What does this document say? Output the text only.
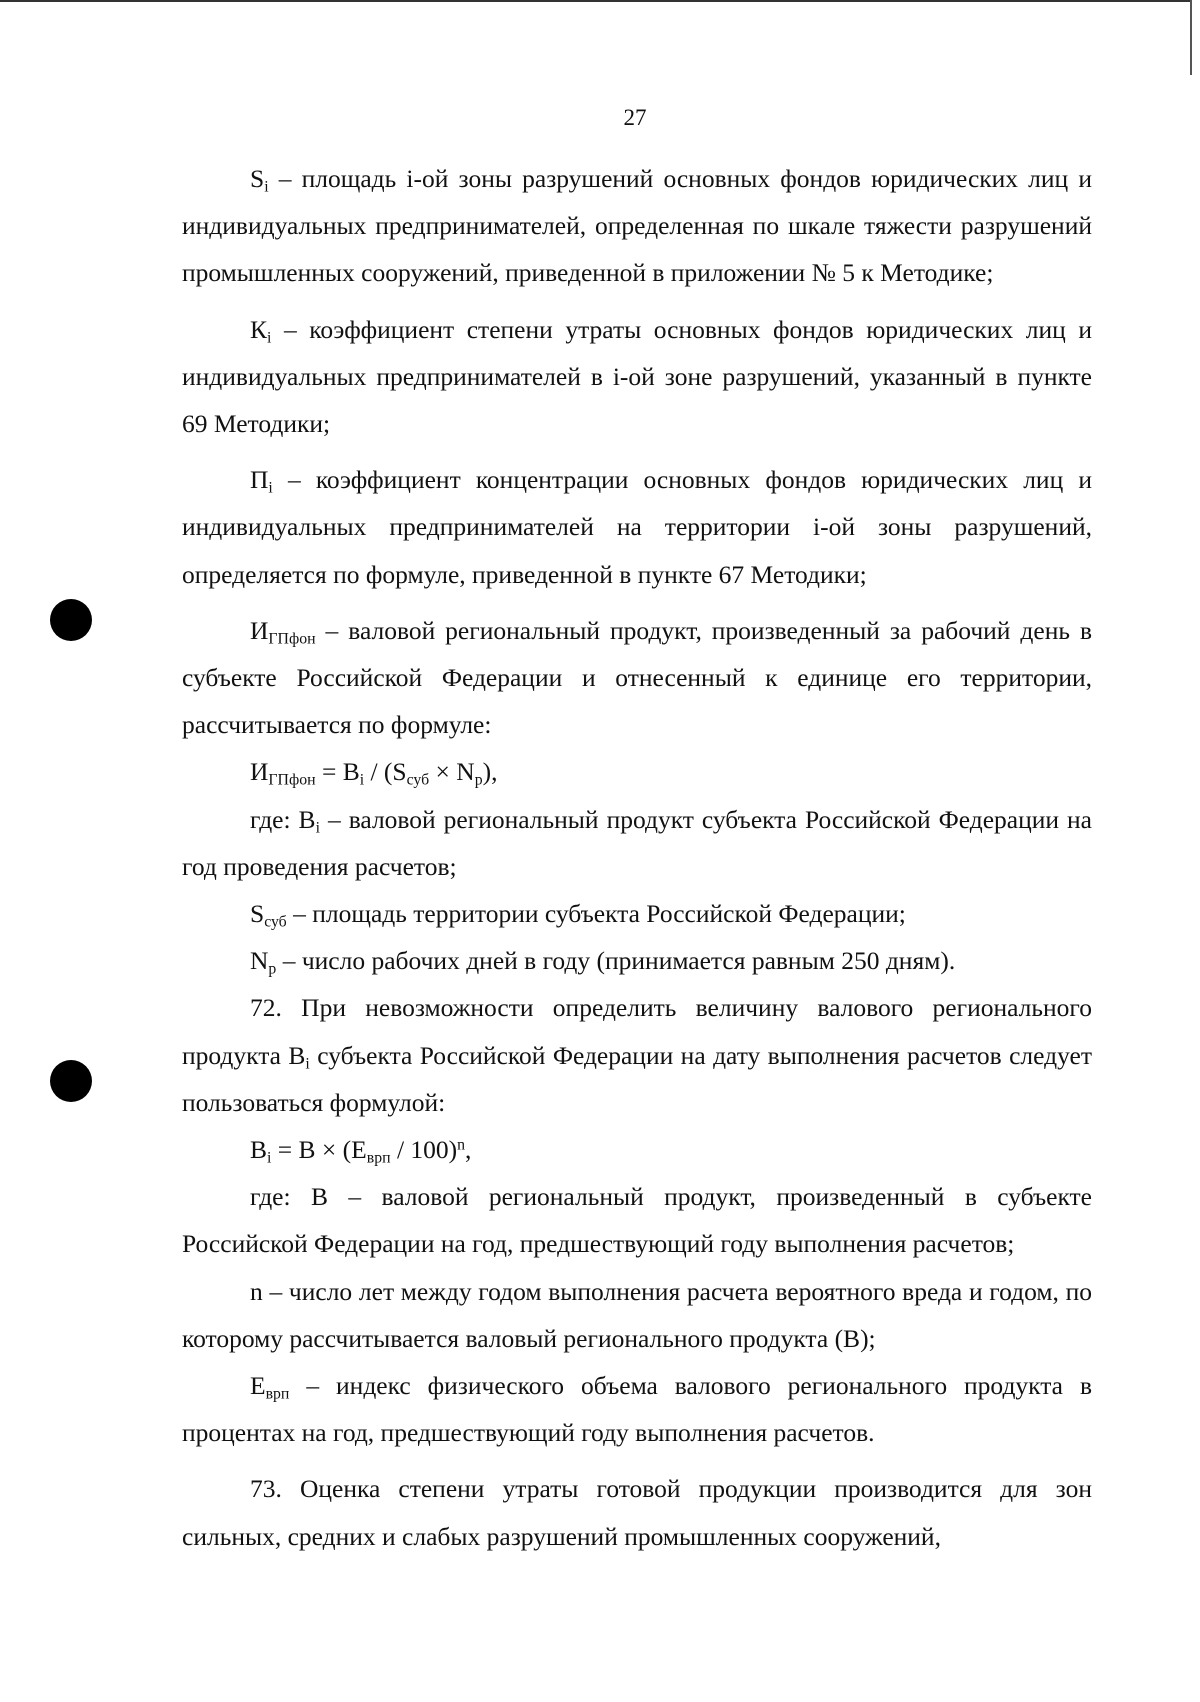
27

$S_i$ – площадь i-ой зоны разрушений основных фондов юридических лиц и индивидуальных предпринимателей, определенная по шкале тяжести разрушений промышленных сооружений, приведенной в приложении № 5 к Методике;

$К_i$ – коэффициент степени утраты основных фондов юридических лиц и индивидуальных предпринимателей в i-ой зоне разрушений, указанный в пункте 69 Методики;

$П_i$ – коэффициент концентрации основных фондов юридических лиц и индивидуальных предпринимателей на территории i-ой зоны разрушений, определяется по формуле, приведенной в пункте 67 Методики;

$И_{ГПфон}$ – валовой региональный продукт, произведенный за рабочий день в субъекте Российской Федерации и отнесенный к единице его территории, рассчитывается по формуле:

$И_{ГПфон} = B_i / (S_{суб} \times N_р)$,

где: $B_i$ – валовой региональный продукт субъекта Российской Федерации на год проведения расчетов;

$S_{суб}$ – площадь территории субъекта Российской Федерации;

$N_р$ – число рабочих дней в году (принимается равным 250 дням).

72. При невозможности определить величину валового регионального продукта $B_i$ субъекта Российской Федерации на дату выполнения расчетов следует пользоваться формулой:

$B_i = B \times (E_{врп} / 100)^n$,

где: B – валовой региональный продукт, произведенный в субъекте Российской Федерации на год, предшествующий году выполнения расчетов;

n – число лет между годом выполнения расчета вероятного вреда и годом, по которому рассчитывается валовый регионального продукта (B);

$E_{врп}$ – индекс физического объема валового регионального продукта в процентах на год, предшествующий году выполнения расчетов.

73. Оценка степени утраты готовой продукции производится для зон сильных, средних и слабых разрушений промышленных сооружений,
